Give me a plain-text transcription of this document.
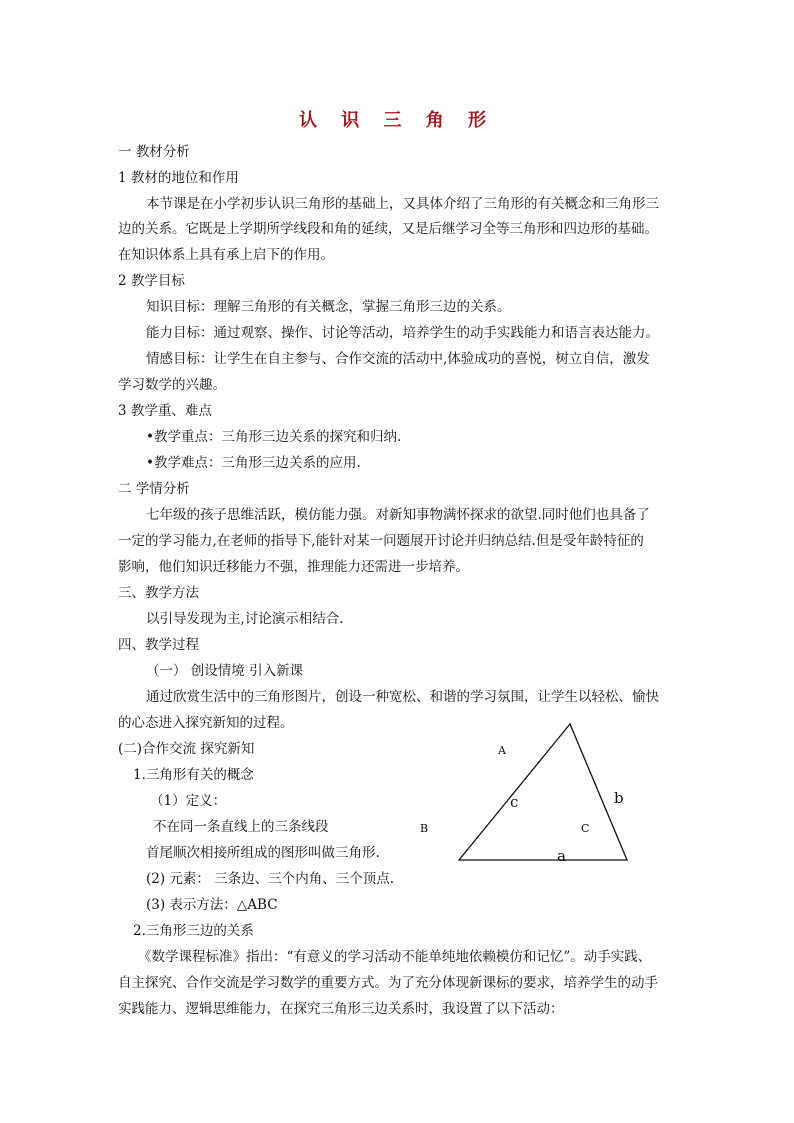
认 识 三 角 形
一 教材分析
1 教材的地位和作用
本节课是在小学初步认识三角形的基础上，又具体介绍了三角形的有关概念和三角形三
边的关系。它既是上学期所学线段和角的延续，又是后继学习全等三角形和四边形的基础。
在知识体系上具有承上启下的作用。
2 教学目标
知识目标：理解三角形的有关概念，掌握三角形三边的关系。
能力目标：通过观察、操作、讨论等活动，培养学生的动手实践能力和语言表达能力。
情感目标：让学生在自主参与、合作交流的活动中,体验成功的喜悦，树立自信，激发
学习数学的兴趣。
3 教学重、难点
•教学重点：三角形三边关系的探究和归纳.
•教学难点：三角形三边关系的应用.
二 学情分析
七年级的孩子思维活跃，模仿能力强。对新知事物满怀探求的欲望.同时他们也具备了
一定的学习能力,在老师的指导下,能针对某一问题展开讨论并归纳总结.但是受年龄特征的
影响，他们知识迁移能力不强，推理能力还需进一步培养。
三、教学方法
以引导发现为主,讨论演示相结合.
四、教学过程
（一） 创设情境 引入新课
通过欣赏生活中的三角形图片，创设一种宽松、和谐的学习氛围，让学生以轻松、愉快
的心态进入探究新知的过程。
(二)合作交流 探究新知
1.三角形有关的概念
（1）定义：
不在同一条直线上的三条线段
首尾顺次相接所组成的图形叫做三角形.
(2) 元素： 三条边、三个内角、三个顶点.
(3) 表示方法：△ABC
2.三角形三边的关系
《数学课程标准》指出：“有意义的学习活动不能单纯地依赖模仿和记忆”。动手实践、
自主探究、合作交流是学习数学的重要方式。为了充分体现新课标的要求，培养学生的动手
实践能力、逻辑思维能力，在探究三角形三边关系时，我设置了以下活动：
A
B	C
a
b
c
